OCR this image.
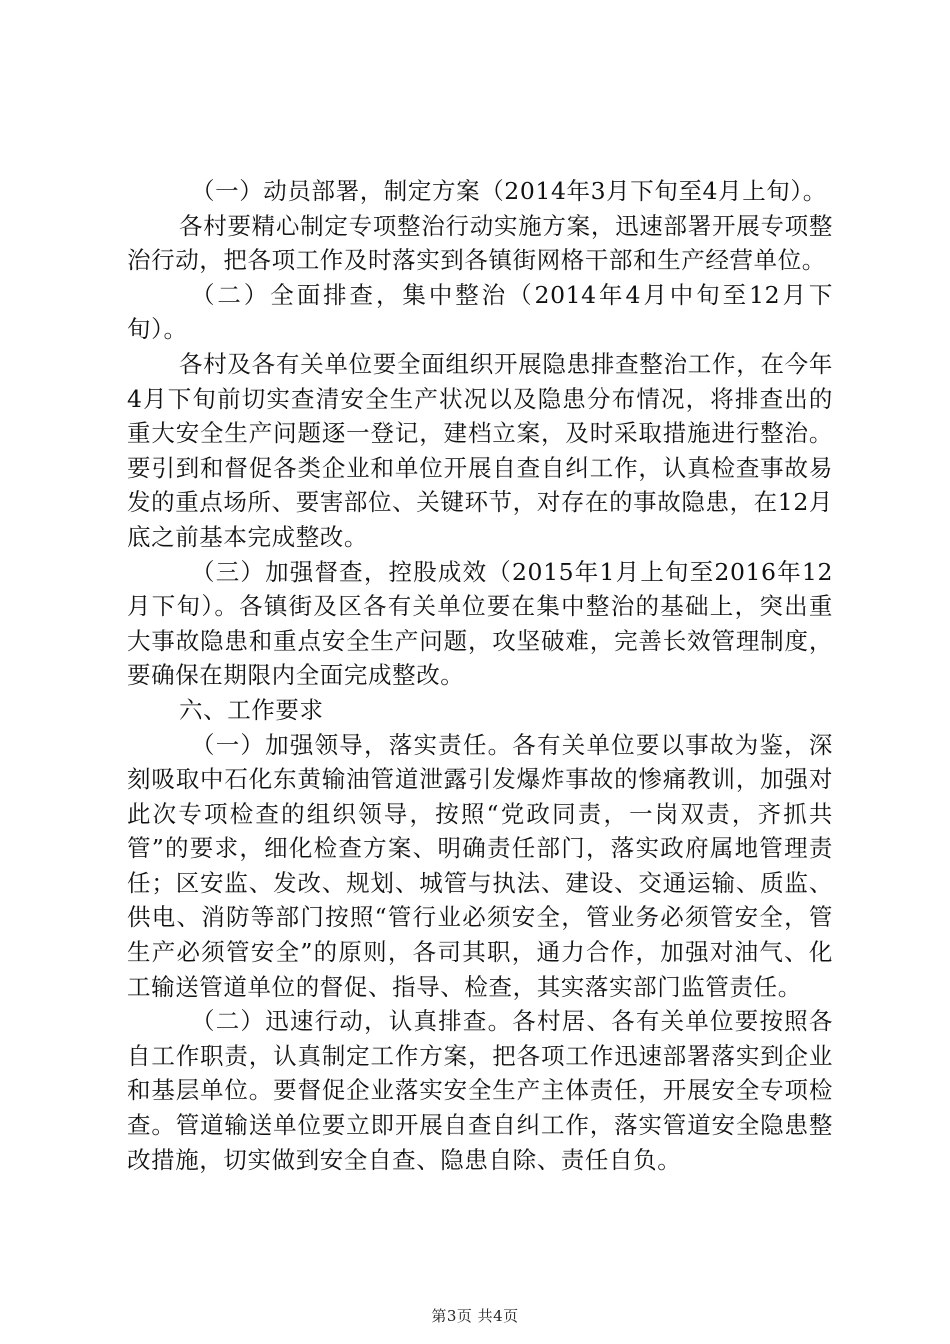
（一）动员部署，制定方案（2014年3月下旬至4月上旬）。

各村要精心制定专项整治行动实施方案，迅速部署开展专项整治行动，把各项工作及时落实到各镇街网格干部和生产经营单位。

（二）全面排查，集中整治（2014年4月中旬至12月下旬）。

各村及各有关单位要全面组织开展隐患排查整治工作，在今年4月下旬前切实查清安全生产状况以及隐患分布情况，将排查出的重大安全生产问题逐一登记，建档立案，及时采取措施进行整治。要引到和督促各类企业和单位开展自查自纠工作，认真检查事故易发的重点场所、要害部位、关键环节，对存在的事故隐患，在12月底之前基本完成整改。

（三）加强督查，控股成效（2015年1月上旬至2016年12月下旬）。各镇街及区各有关单位要在集中整治的基础上，突出重大事故隐患和重点安全生产问题，攻坚破难，完善长效管理制度，要确保在期限内全面完成整改。

六、工作要求

（一）加强领导，落实责任。各有关单位要以事故为鉴，深刻吸取中石化东黄输油管道泄露引发爆炸事故的惨痛教训，加强对此次专项检查的组织领导，按照“党政同责，一岗双责，齐抓共管”的要求，细化检查方案、明确责任部门，落实政府属地管理责任；区安监、发改、规划、城管与执法、建设、交通运输、质监、供电、消防等部门按照“管行业必须安全，管业务必须管安全，管生产必须管安全”的原则，各司其职，通力合作，加强对油气、化工输送管道单位的督促、指导、检查，其实落实部门监管责任。

（二）迅速行动，认真排查。各村居、各有关单位要按照各自工作职责，认真制定工作方案，把各项工作迅速部署落实到企业和基层单位。要督促企业落实安全生产主体责任，开展安全专项检查。管道输送单位要立即开展自查自纠工作，落实管道安全隐患整改措施，切实做到安全自查、隐患自除、责任自负。

第3页 共4页
